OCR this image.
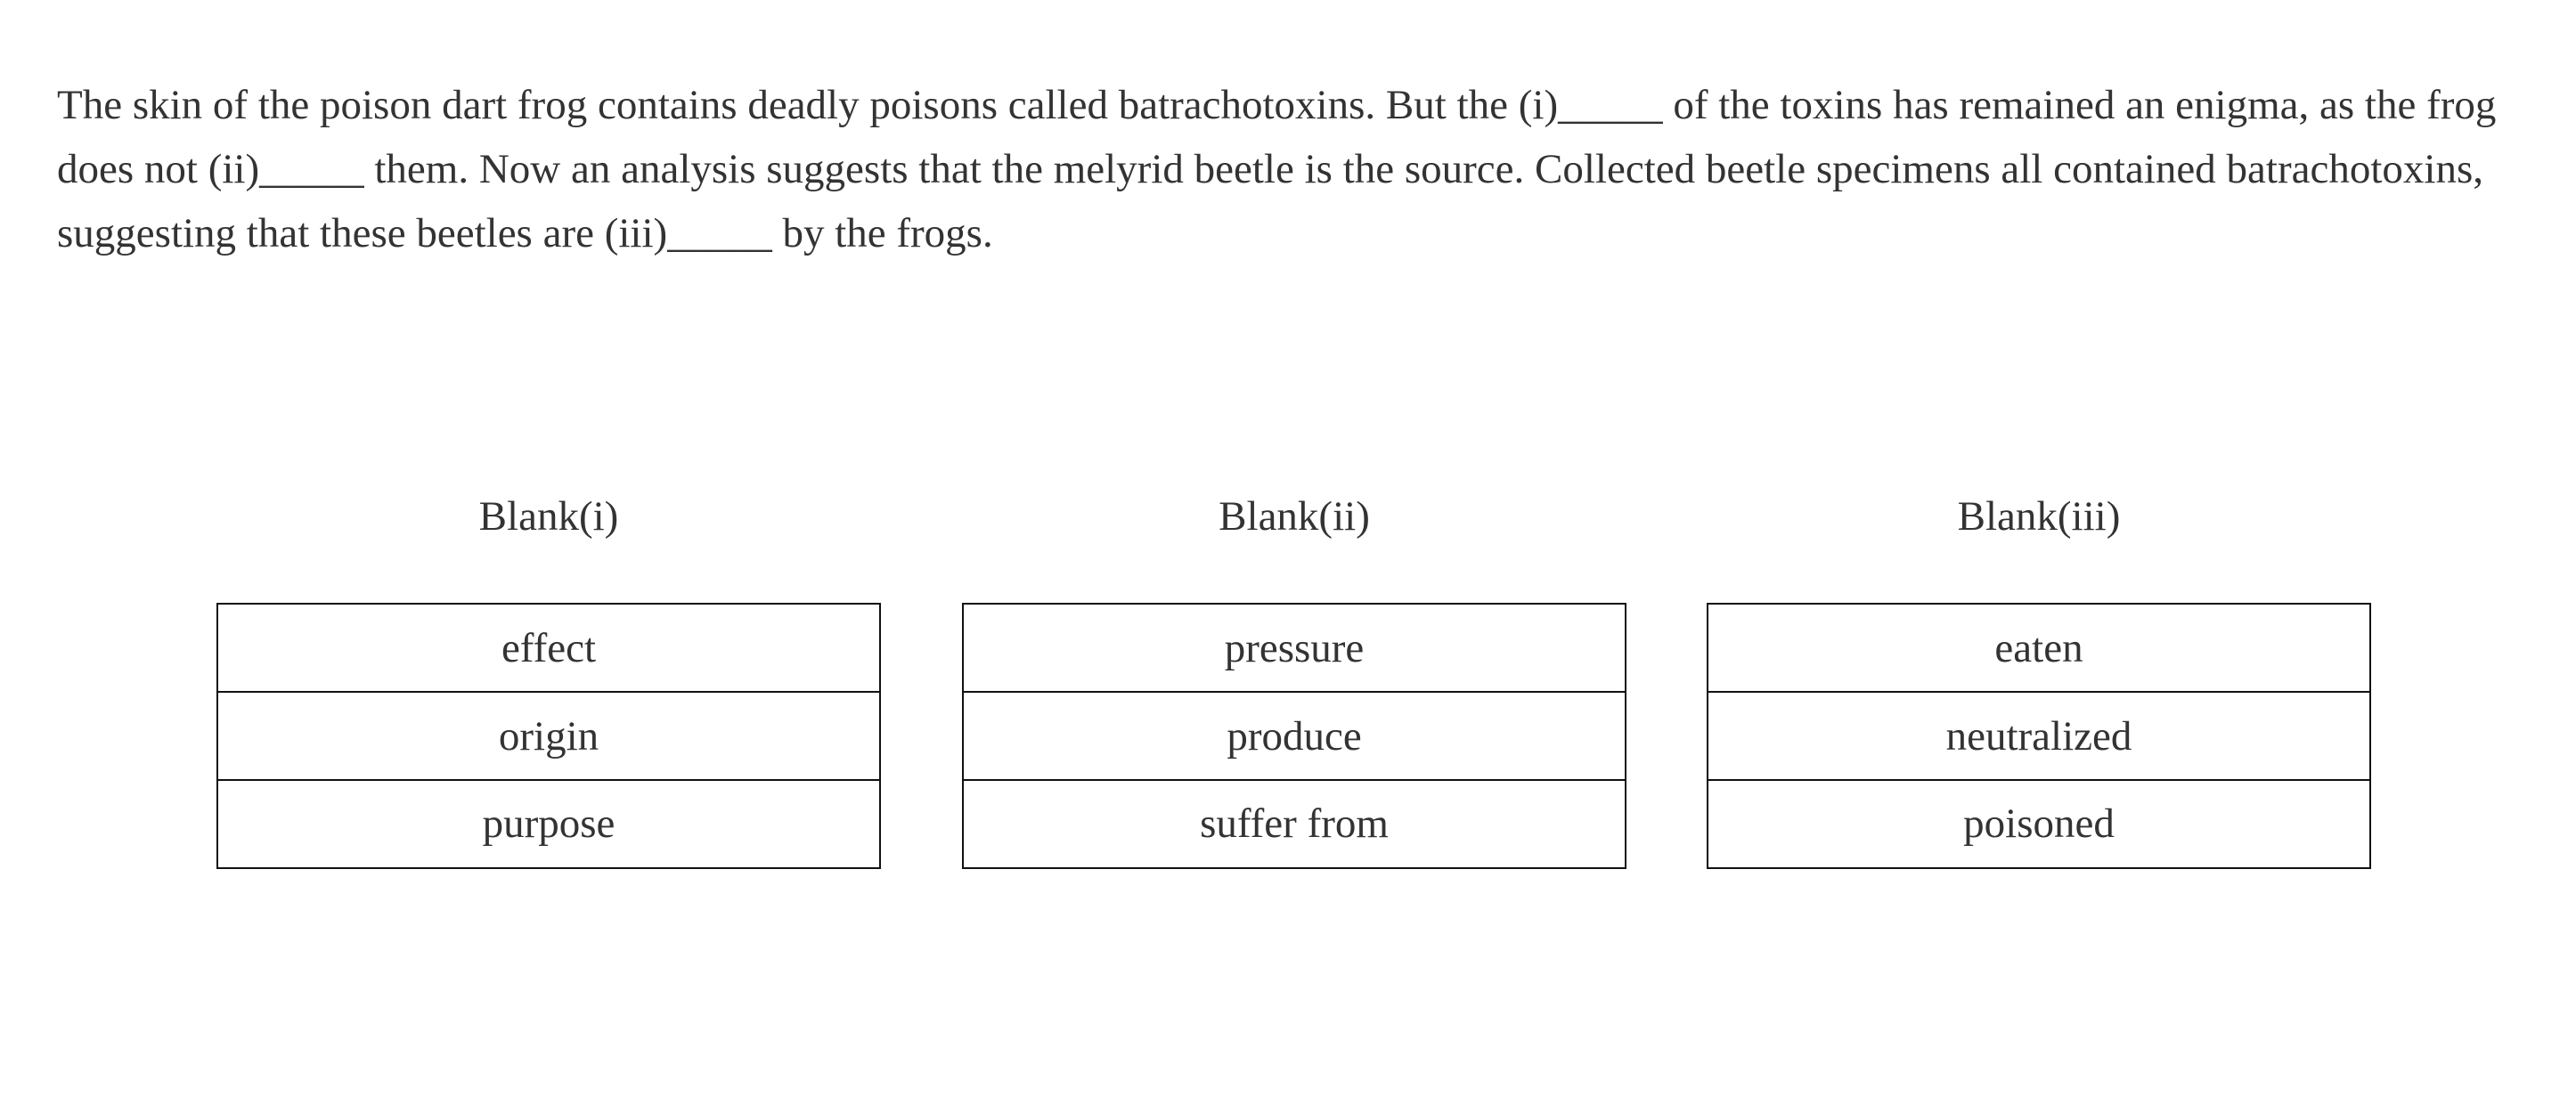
The skin of the poison dart frog contains deadly poisons called batrachotoxins. But the (i)_____ of the toxins has remained an enigma, as the frog does not (ii)_____ them. Now an analysis suggests that the melyrid beetle is the source. Collected beetle specimens all contained batrachotoxins, suggesting that these beetles are (iii)_____ by the frogs.

Blank(i)
effect
origin
purpose
Blank(ii)
pressure
produce
suffer from
Blank(iii)
eaten
neutralized
poisoned
